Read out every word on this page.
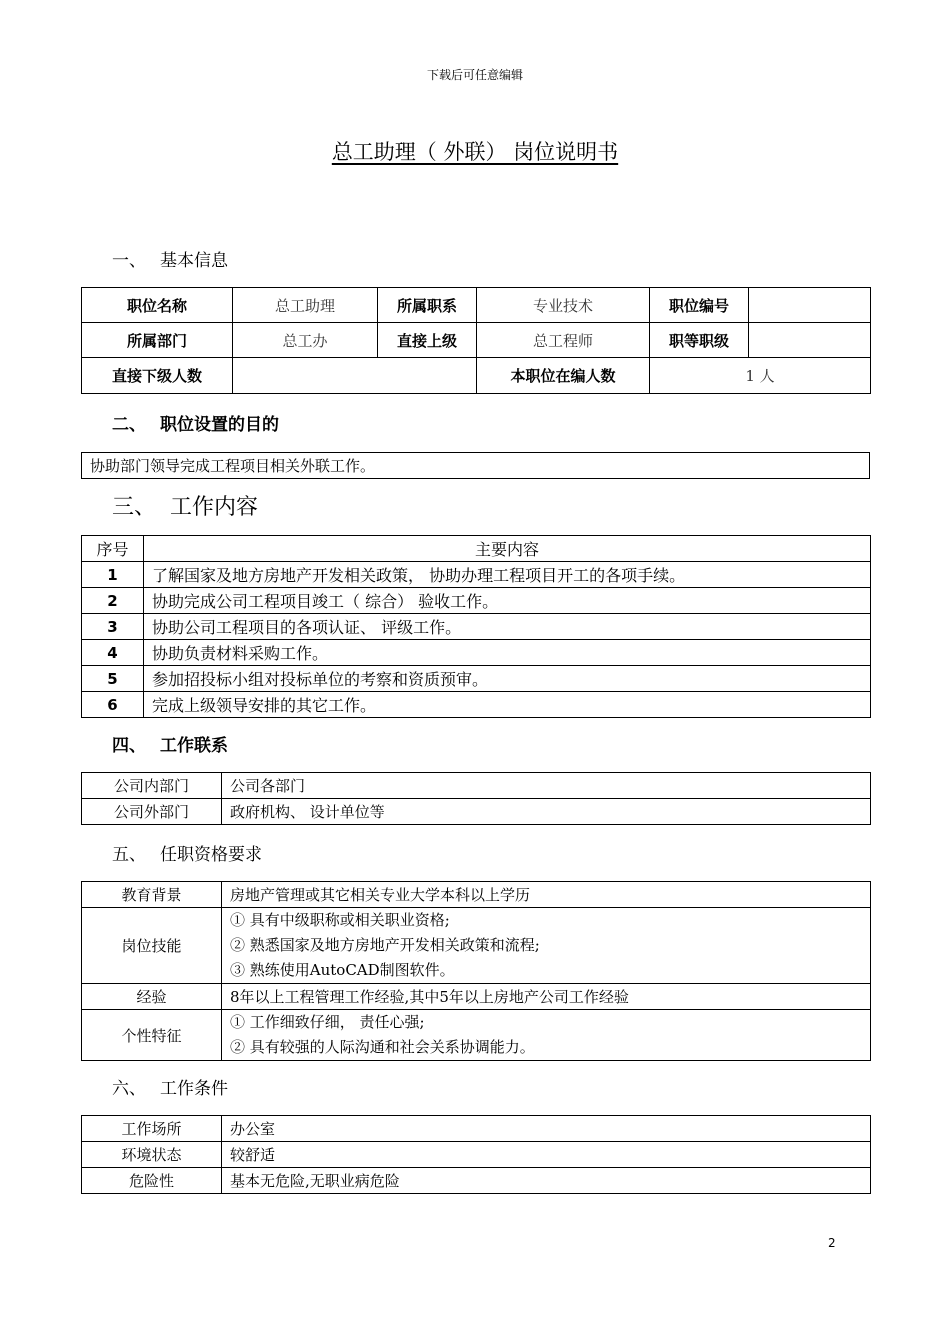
下载后可任意编辑
总工助理（ 外联） 岗位说明书
一、 基本信息
职位名称	总工助理	所属职系	专业技术	职位编号	
所属部门	总工办	直接上级	总工程师	职等职级	
直接下级人数			本职位在编人数	1 人	
二、 职位设置的目的
协助部门领导完成工程项目相关外联工作。
三、 工作内容
序号	主要内容
1	了解国家及地方房地产开发相关政策， 协助办理工程项目开工的各项手续。
2	协助完成公司工程项目竣工（ 综合） 验收工作。
3	协助公司工程项目的各项认证、 评级工作。
4	协助负责材料采购工作。
5	参加招投标小组对投标单位的考察和资质预审。
6	完成上级领导安排的其它工作。
四、 工作联系
公司内部门	公司各部门
公司外部门	政府机构、 设计单位等
五、 任职资格要求
教育背景	房地产管理或其它相关专业大学本科以上学历
岗位技能	① 具有中级职称或相关职业资格;
② 熟悉国家及地方房地产开发相关政策和流程;
③ 熟练使用AutoCAD制图软件。

经验	8年以上工程管理工作经验,其中5年以上房地产公司工作经验
个性特征	① 工作细致仔细， 责任心强;
② 具有较强的人际沟通和社会关系协调能力。
六、 工作条件
工作场所	办公室
环境状态	较舒适
危险性	基本无危险,无职业病危险
2
